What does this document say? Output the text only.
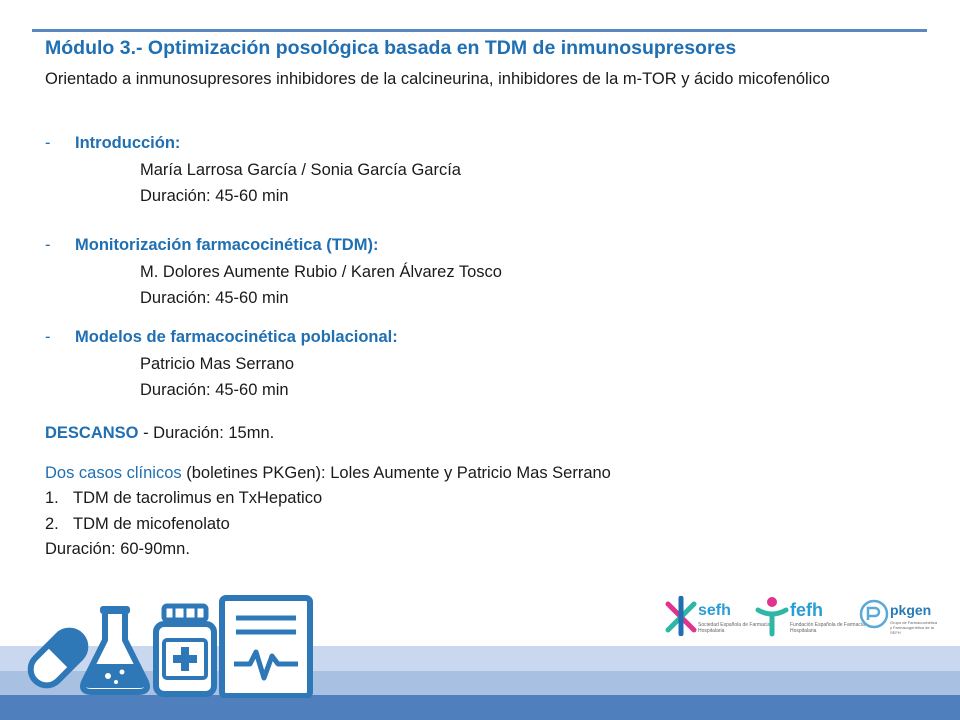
Módulo 3.- Optimización posológica basada en TDM de inmunosupresores
Orientado a inmunosupresores inhibidores de la calcineurina, inhibidores de la m-TOR y ácido micofenólico
- Introducción:
María Larrosa García / Sonia García García
Duración: 45-60 min
- Monitorización farmacocinética (TDM):
M. Dolores Aumente Rubio / Karen Álvarez Tosco
Duración: 45-60 min
- Modelos de farmacocinética poblacional:
Patricio Mas Serrano
Duración: 45-60 min
DESCANSO - Duración: 15mn.
Dos casos clínicos (boletines PKGen): Loles Aumente y Patricio Mas Serrano
1. TDM de tacrolimus en TxHepatico
2. TDM de micofenolato
Duración: 60-90mn.
sefh
Sociedad Española de Farmacia Hospitalaria
fefh
Fundación Española de Farmacia Hospitalaria
pkgen
Grupo de Farmacocinética y Farmacogenética de la SEFH
